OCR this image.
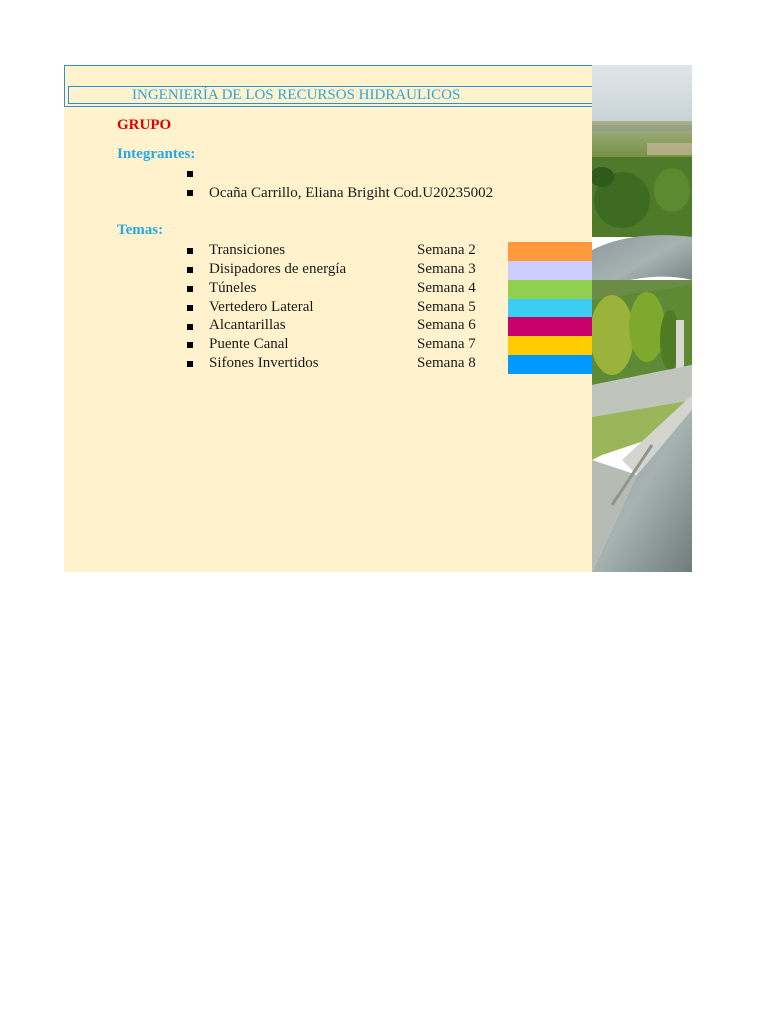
INGENIERÍA DE LOS RECURSOS HIDRAULICOS
GRUPO
Integrantes:
Ocaña Carrillo, Eliana Brigiht Cod.U20235002
Temas:
Transiciones	Semana 2
Disipadores de energía	Semana 3
Túneles	Semana 4
Vertedero Lateral	Semana 5
Alcantarillas	Semana 6
Puente Canal	Semana 7
Sifones Invertidos	Semana 8
